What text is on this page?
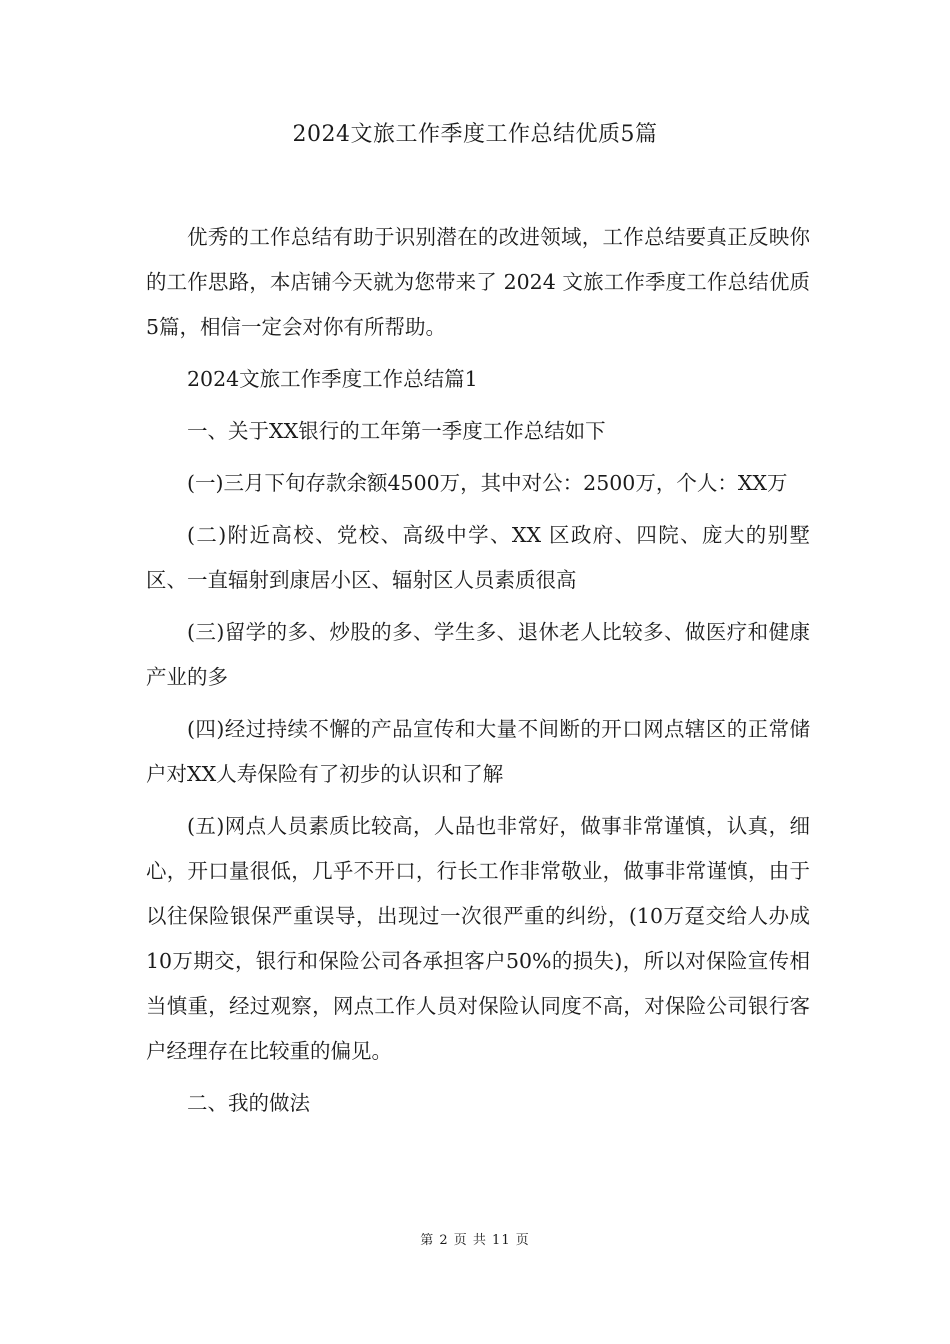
2024文旅工作季度工作总结优质5篇

优秀的工作总结有助于识别潜在的改进领域，工作总结要真正反映你的工作思路，本店铺今天就为您带来了 2024 文旅工作季度工作总结优质5篇，相信一定会对你有所帮助。

2024文旅工作季度工作总结篇1

一、关于XX银行的工年第一季度工作总结如下

(一)三月下旬存款余额4500万，其中对公：2500万，个人：XX万

(二)附近高校、党校、高级中学、XX 区政府、四院、庞大的别墅区、一直辐射到康居小区、辐射区人员素质很高

(三)留学的多、炒股的多、学生多、退休老人比较多、做医疗和健康产业的多

(四)经过持续不懈的产品宣传和大量不间断的开口网点辖区的正常储户对XX人寿保险有了初步的认识和了解

(五)网点人员素质比较高，人品也非常好，做事非常谨慎，认真，细心，开口量很低，几乎不开口，行长工作非常敬业，做事非常谨慎，由于以往保险银保严重误导，出现过一次很严重的纠纷，(10万趸交给人办成10万期交，银行和保险公司各承担客户50%的损失)，所以对保险宣传相当慎重，经过观察，网点工作人员对保险认同度不高，对保险公司银行客户经理存在比较重的偏见。

二、我的做法

第 2 页 共 11 页
